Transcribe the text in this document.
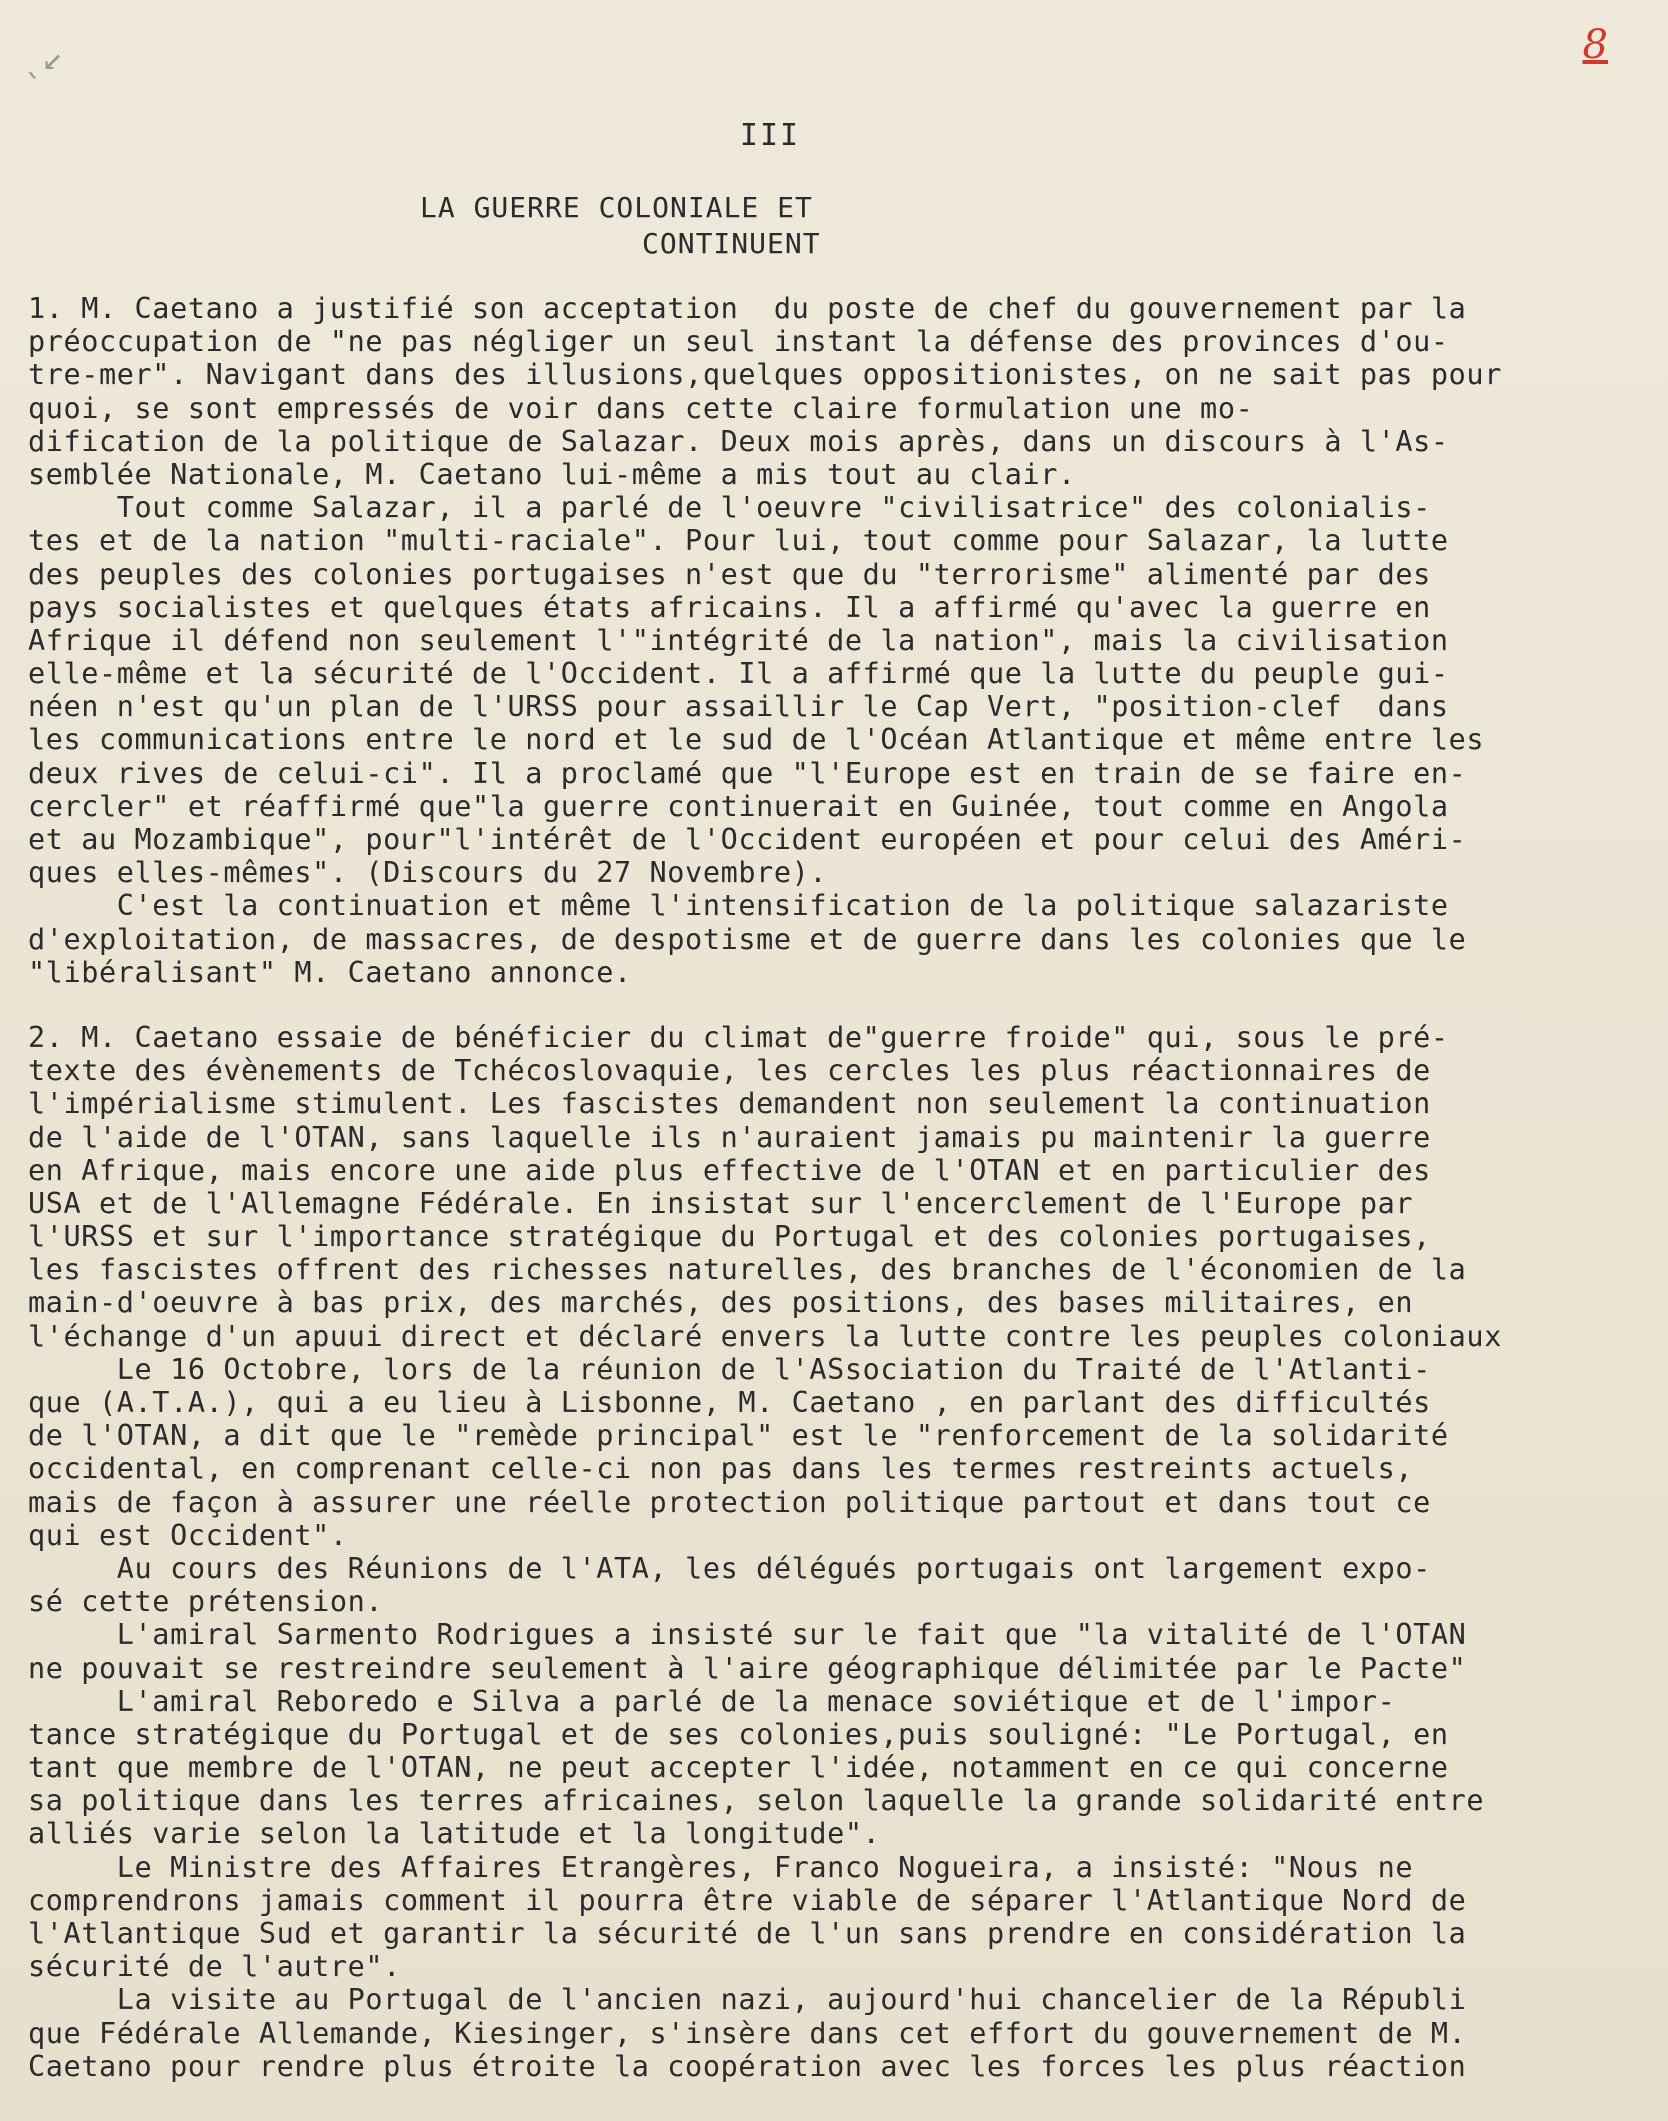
ˎ↙	8
III
LA GUERRE COLONIALE ET
CONTINUENT
1. M. Caetano a justifié son acceptation  du poste de chef du gouvernement par la
préoccupation de "ne pas négliger un seul instant la défense des provinces d'ou-
tre-mer". Navigant dans des illusions,quelques oppositionistes, on ne sait pas pour
quoi, se sont empressés de voir dans cette claire formulation une mo-
dification de la politique de Salazar. Deux mois après, dans un discours à l'As-
semblée Nationale, M. Caetano lui-même a mis tout au clair.
Tout comme Salazar, il a parlé de l'oeuvre "civilisatrice" des colonialis-
tes et de la nation "multi-raciale". Pour lui, tout comme pour Salazar, la lutte
des peuples des colonies portugaises n'est que du "terrorisme" alimenté par des
pays socialistes et quelques états africains. Il a affirmé qu'avec la guerre en
Afrique il défend non seulement l'"intégrité de la nation", mais la civilisation
elle-même et la sécurité de l'Occident. Il a affirmé que la lutte du peuple gui-
néen n'est qu'un plan de l'URSS pour assaillir le Cap Vert, "position-clef  dans
les communications entre le nord et le sud de l'Océan Atlantique et même entre les
deux rives de celui-ci". Il a proclamé que "l'Europe est en train de se faire en-
cercler" et réaffirmé que"la guerre continuerait en Guinée, tout comme en Angola
et au Mozambique", pour"l'intérêt de l'Occident européen et pour celui des Améri-
ques elles-mêmes". (Discours du 27 Novembre).
C'est la continuation et même l'intensification de la politique salazariste
d'exploitation, de massacres, de despotisme et de guerre dans les colonies que le
"libéralisant" M. Caetano annonce.
2. M. Caetano essaie de bénéficier du climat de"guerre froide" qui, sous le pré-
texte des évènements de Tchécoslovaquie, les cercles les plus réactionnaires de
l'impérialisme stimulent. Les fascistes demandent non seulement la continuation
de l'aide de l'OTAN, sans laquelle ils n'auraient jamais pu maintenir la guerre
en Afrique, mais encore une aide plus effective de l'OTAN et en particulier des
USA et de l'Allemagne Fédérale. En insistat sur l'encerclement de l'Europe par
l'URSS et sur l'importance stratégique du Portugal et des colonies portugaises,
les fascistes offrent des richesses naturelles, des branches de l'économien de la
main-d'oeuvre à bas prix, des marchés, des positions, des bases militaires, en
l'échange d'un apuui direct et déclaré envers la lutte contre les peuples coloniaux
Le 16 Octobre, lors de la réunion de l'ASsociation du Traité de l'Atlanti-
que (A.T.A.), qui a eu lieu à Lisbonne, M. Caetano , en parlant des difficultés
de l'OTAN, a dit que le "remède principal" est le "renforcement de la solidarité
occidental, en comprenant celle-ci non pas dans les termes restreints actuels,
mais de façon à assurer une réelle protection politique partout et dans tout ce
qui est Occident".
Au cours des Réunions de l'ATA, les délégués portugais ont largement expo-
sé cette prétension.
L'amiral Sarmento Rodrigues a insisté sur le fait que "la vitalité de l'OTAN
ne pouvait se restreindre seulement à l'aire géographique délimitée par le Pacte"
L'amiral Reboredo e Silva a parlé de la menace soviétique et de l'impor-
tance stratégique du Portugal et de ses colonies,puis souligné: "Le Portugal, en
tant que membre de l'OTAN, ne peut accepter l'idée, notamment en ce qui concerne
sa politique dans les terres africaines, selon laquelle la grande solidarité entre
alliés varie selon la latitude et la longitude".
Le Ministre des Affaires Etrangères, Franco Nogueira, a insisté: "Nous ne
comprendrons jamais comment il pourra être viable de séparer l'Atlantique Nord de
l'Atlantique Sud et garantir la sécurité de l'un sans prendre en considération la
sécurité de l'autre".
La visite au Portugal de l'ancien nazi, aujourd'hui chancelier de la Républi
que Fédérale Allemande, Kiesinger, s'insère dans cet effort du gouvernement de M.
Caetano pour rendre plus étroite la coopération avec les forces les plus réaction
